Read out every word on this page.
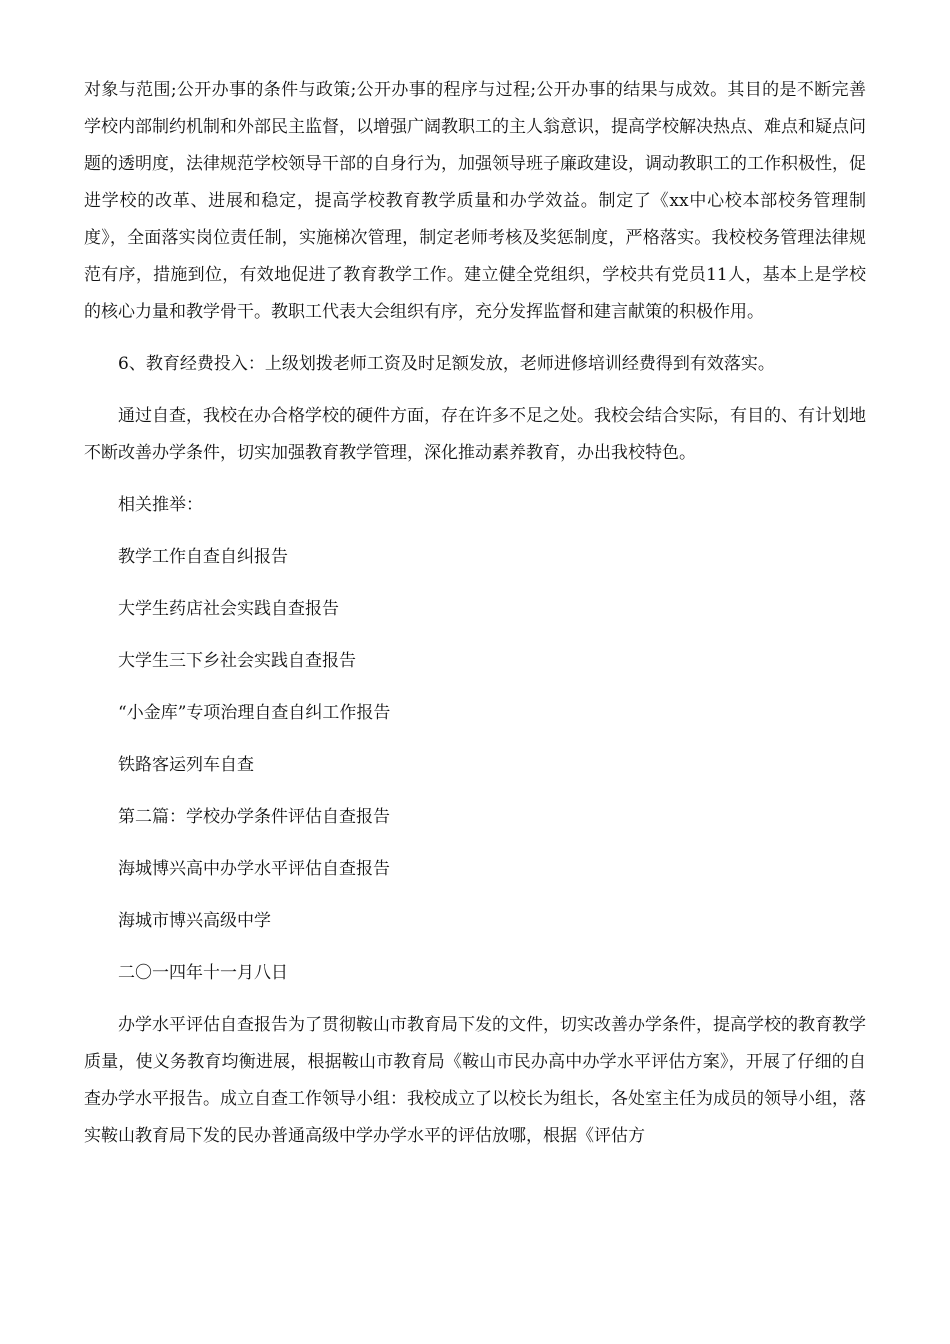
对象与范围;公开办事的条件与政策;公开办事的程序与过程;公开办事的结果与成效。其目的是不断完善学校内部制约机制和外部民主监督，以增强广阔教职工的主人翁意识，提高学校解决热点、难点和疑点问题的透明度，法律规范学校领导干部的自身行为，加强领导班子廉政建设，调动教职工的工作积极性，促进学校的改革、进展和稳定，提高学校教育教学质量和办学效益。制定了《xx中心校本部校务管理制度》，全面落实岗位责任制，实施梯次管理，制定老师考核及奖惩制度，严格落实。我校校务管理法律规范有序，措施到位，有效地促进了教育教学工作。建立健全党组织，学校共有党员11人，基本上是学校的核心力量和教学骨干。教职工代表大会组织有序，充分发挥监督和建言献策的积极作用。

6、教育经费投入：上级划拨老师工资及时足额发放，老师进修培训经费得到有效落实。

通过自查，我校在办合格学校的硬件方面，存在许多不足之处。我校会结合实际，有目的、有计划地不断改善办学条件，切实加强教育教学管理，深化推动素养教育，办出我校特色。

相关推举：

教学工作自查自纠报告

大学生药店社会实践自查报告

大学生三下乡社会实践自查报告

“小金库”专项治理自查自纠工作报告

铁路客运列车自查

第二篇：学校办学条件评估自查报告

海城博兴高中办学水平评估自查报告

海城市博兴高级中学

二〇一四年十一月八日

办学水平评估自查报告为了贯彻鞍山市教育局下发的文件，切实改善办学条件，提高学校的教育教学质量，使义务教育均衡进展，根据鞍山市教育局《鞍山市民办高中办学水平评估方案》，开展了仔细的自查办学水平报告。成立自查工作领导小组：我校成立了以校长为组长，各处室主任为成员的领导小组，落实鞍山教育局下发的民办普通高级中学办学水平的评估放哪，根据《评估方
